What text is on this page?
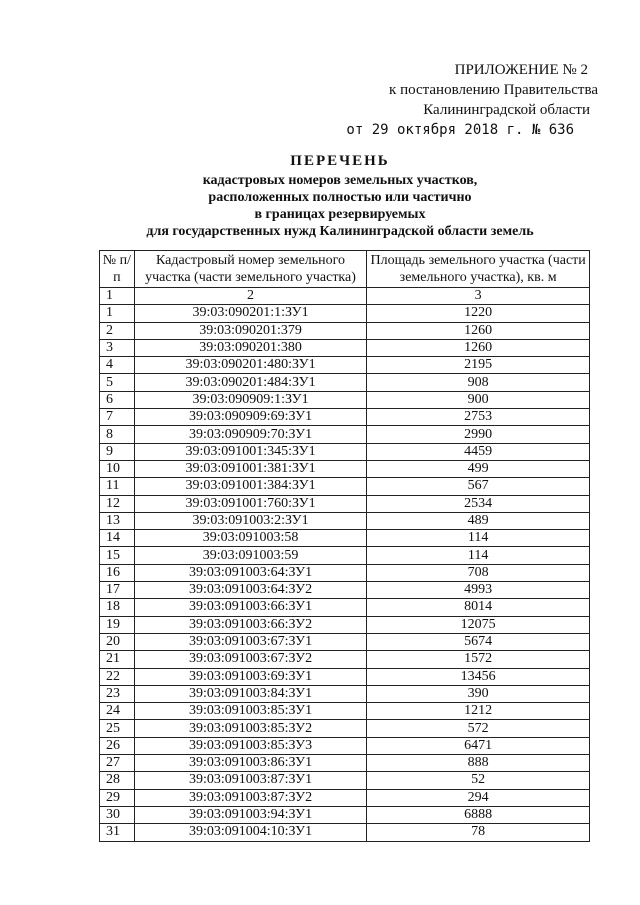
ПРИЛОЖЕНИЕ № 2
к постановлению Правительства
Калининградской области
от 29 октября 2018 г. № 636
ПЕРЕЧЕНЬ
кадастровых номеров земельных участков,
расположенных полностью или частично
в границах резервируемых
для государственных нужд Калининградской области земель
№ п/п	Кадастровый номер земельного участка (части земельного участка)	Площадь земельного участка (части земельного участка), кв. м
1	2	3
1	39:03:090201:1:ЗУ1	1220
2	39:03:090201:379	1260
3	39:03:090201:380	1260
4	39:03:090201:480:ЗУ1	2195
5	39:03:090201:484:ЗУ1	908
6	39:03:090909:1:ЗУ1	900
7	39:03:090909:69:ЗУ1	2753
8	39:03:090909:70:ЗУ1	2990
9	39:03:091001:345:ЗУ1	4459
10	39:03:091001:381:ЗУ1	499
11	39:03:091001:384:ЗУ1	567
12	39:03:091001:760:ЗУ1	2534
13	39:03:091003:2:ЗУ1	489
14	39:03:091003:58	114
15	39:03:091003:59	114
16	39:03:091003:64:ЗУ1	708
17	39:03:091003:64:ЗУ2	4993
18	39:03:091003:66:ЗУ1	8014
19	39:03:091003:66:ЗУ2	12075
20	39:03:091003:67:ЗУ1	5674
21	39:03:091003:67:ЗУ2	1572
22	39:03:091003:69:ЗУ1	13456
23	39:03:091003:84:ЗУ1	390
24	39:03:091003:85:ЗУ1	1212
25	39:03:091003:85:ЗУ2	572
26	39:03:091003:85:ЗУ3	6471
27	39:03:091003:86:ЗУ1	888
28	39:03:091003:87:ЗУ1	52
29	39:03:091003:87:ЗУ2	294
30	39:03:091003:94:ЗУ1	6888
31	39:03:091004:10:ЗУ1	78
